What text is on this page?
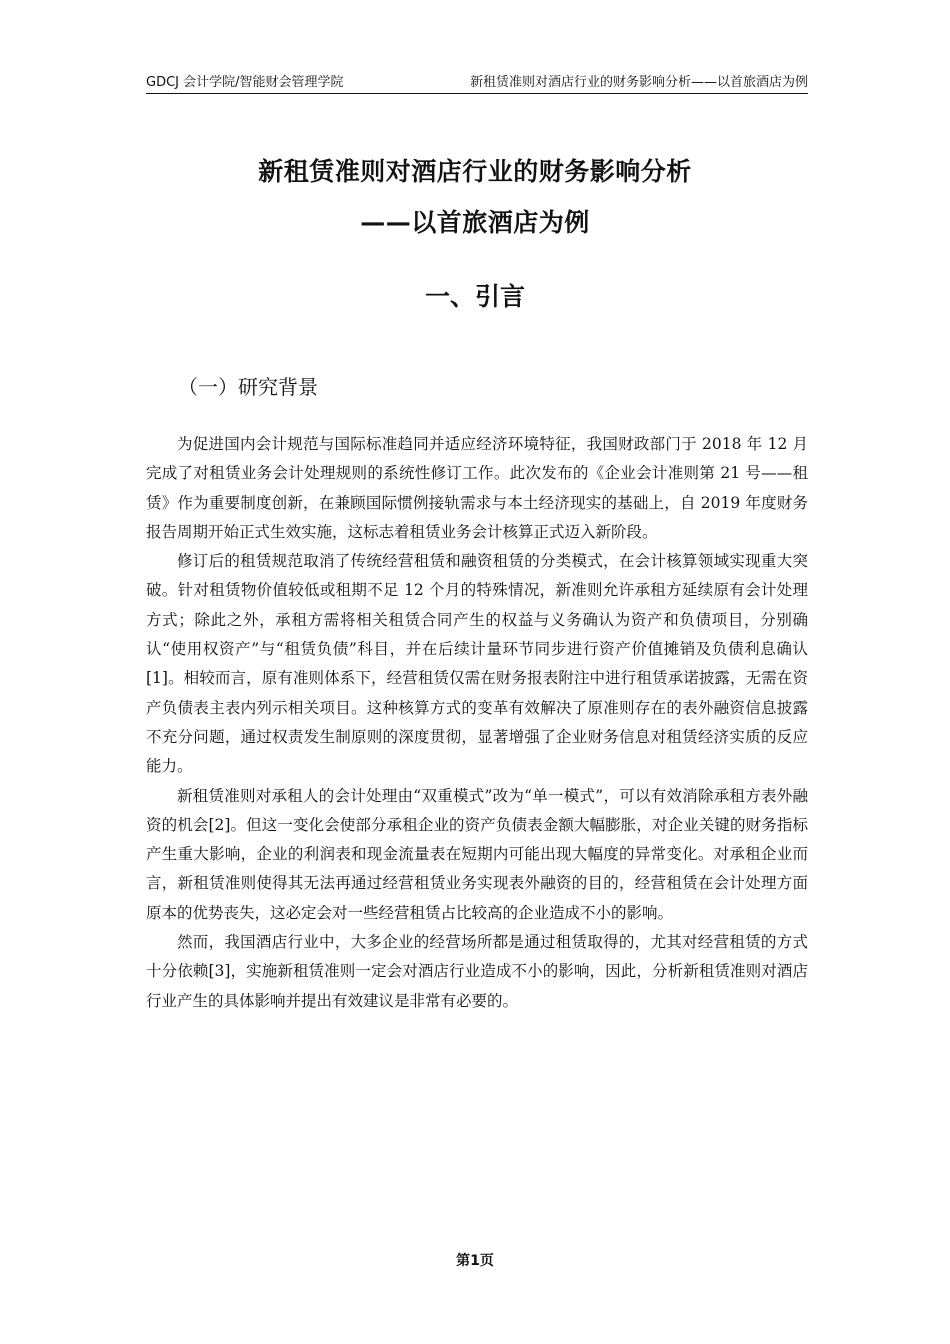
GDCJ 会计学院/智能财会管理学院	新租赁准则对酒店行业的财务影响分析——以首旅酒店为例
新租赁准则对酒店行业的财务影响分析
——以首旅酒店为例
一、引言
（一）研究背景

为促进国内会计规范与国际标准趋同并适应经济环境特征，我国财政部门于 2018 年 12 月完成了对租赁业务会计处理规则的系统性修订工作。此次发布的《企业会计准则第 21 号——租赁》作为重要制度创新，在兼顾国际惯例接轨需求与本土经济现实的基础上，自 2019 年度财务报告周期开始正式生效实施，这标志着租赁业务会计核算正式迈入新阶段。

修订后的租赁规范取消了传统经营租赁和融资租赁的分类模式，在会计核算领域实现重大突破。针对租赁物价值较低或租期不足 12 个月的特殊情况，新准则允许承租方延续原有会计处理方式；除此之外，承租方需将相关租赁合同产生的权益与义务确认为资产和负债项目，分别确认“使用权资产”与“租赁负债”科目，并在后续计量环节同步进行资产价值摊销及负债利息确认[1]。相较而言，原有准则体系下，经营租赁仅需在财务报表附注中进行租赁承诺披露，无需在资产负债表主表内列示相关项目。这种核算方式的变革有效解决了原准则存在的表外融资信息披露不充分问题，通过权责发生制原则的深度贯彻，显著增强了企业财务信息对租赁经济实质的反应能力。

新租赁准则对承租人的会计处理由“双重模式”改为“单一模式”，可以有效消除承租方表外融资的机会[2]。但这一变化会使部分承租企业的资产负债表金额大幅膨胀，对企业关键的财务指标产生重大影响，企业的利润表和现金流量表在短期内可能出现大幅度的异常变化。对承租企业而言，新租赁准则使得其无法再通过经营租赁业务实现表外融资的目的，经营租赁在会计处理方面原本的优势丧失，这必定会对一些经营租赁占比较高的企业造成不小的影响。

然而，我国酒店行业中，大多企业的经营场所都是通过租赁取得的，尤其对经营租赁的方式十分依赖[3]，实施新租赁准则一定会对酒店行业造成不小的影响，因此，分析新租赁准则对酒店行业产生的具体影响并提出有效建议是非常有必要的。

第1页
